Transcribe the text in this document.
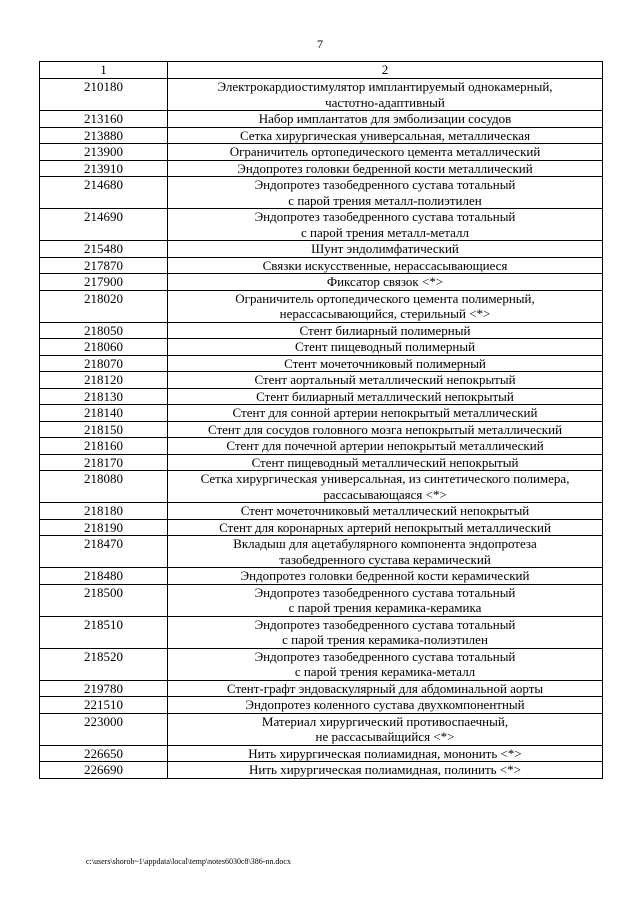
7
1	2
210180	Электрокардиостимулятор имплантируемый однокамерный,
частотно-адаптивный

213160	Набор имплантатов для эмболизации сосудов

213880	Сетка хирургическая универсальная, металлическая

213900	Ограничитель ортопедического цемента металлический

213910	Эндопротез головки бедренной кости металлический

214680	Эндопротез тазобедренного сустава тотальный
с парой трения металл-полиэтилен

214690	Эндопротез тазобедренного сустава тотальный
с парой трения металл-металл

215480	Шунт эндолимфатический

217870	Связки искусственные, нерассасывающиеся

217900	Фиксатор связок <*>

218020	Ограничитель ортопедического цемента полимерный,
нерассасывающийся, стерильный <*>

218050	Стент билиарный полимерный

218060	Стент пищеводный полимерный

218070	Стент мочеточниковый полимерный

218120	Стент аортальный металлический непокрытый

218130	Стент билиарный металлический непокрытый

218140	Стент для сонной артерии непокрытый металлический

218150	Стент для сосудов головного мозга непокрытый металлический

218160	Стент для почечной артерии непокрытый металлический

218170	Стент пищеводный металлический непокрытый

218080	Сетка хирургическая универсальная, из синтетического полимера,
рассасывающаяся <*>

218180	Стент мочеточниковый металлический непокрытый

218190	Стент для коронарных артерий непокрытый металлический

218470	Вкладыш для ацетабулярного компонента эндопротеза
тазобедренного сустава керамический

218480	Эндопротез головки бедренной кости керамический

218500	Эндопротез тазобедренного сустава тотальный
с парой трения керамика-керамика

218510	Эндопротез тазобедренного сустава тотальный
с парой трения керамика-полиэтилен

218520	Эндопротез тазобедренного сустава тотальный
с парой трения керамика-металл

219780	Стент-графт эндоваскулярный для абдоминальной аорты

221510	Эндопротез коленного сустава двухкомпонентный

223000	Материал хирургический противоспаечный,
не рассасывайщийся <*>

226650	Нить хирургическая полиамидная, мононить <*>

226690	Нить хирургическая полиамидная, полинить <*>
c:\users\shorob~1\appdata\local\temp\notes6030c8\386-nn.docx
